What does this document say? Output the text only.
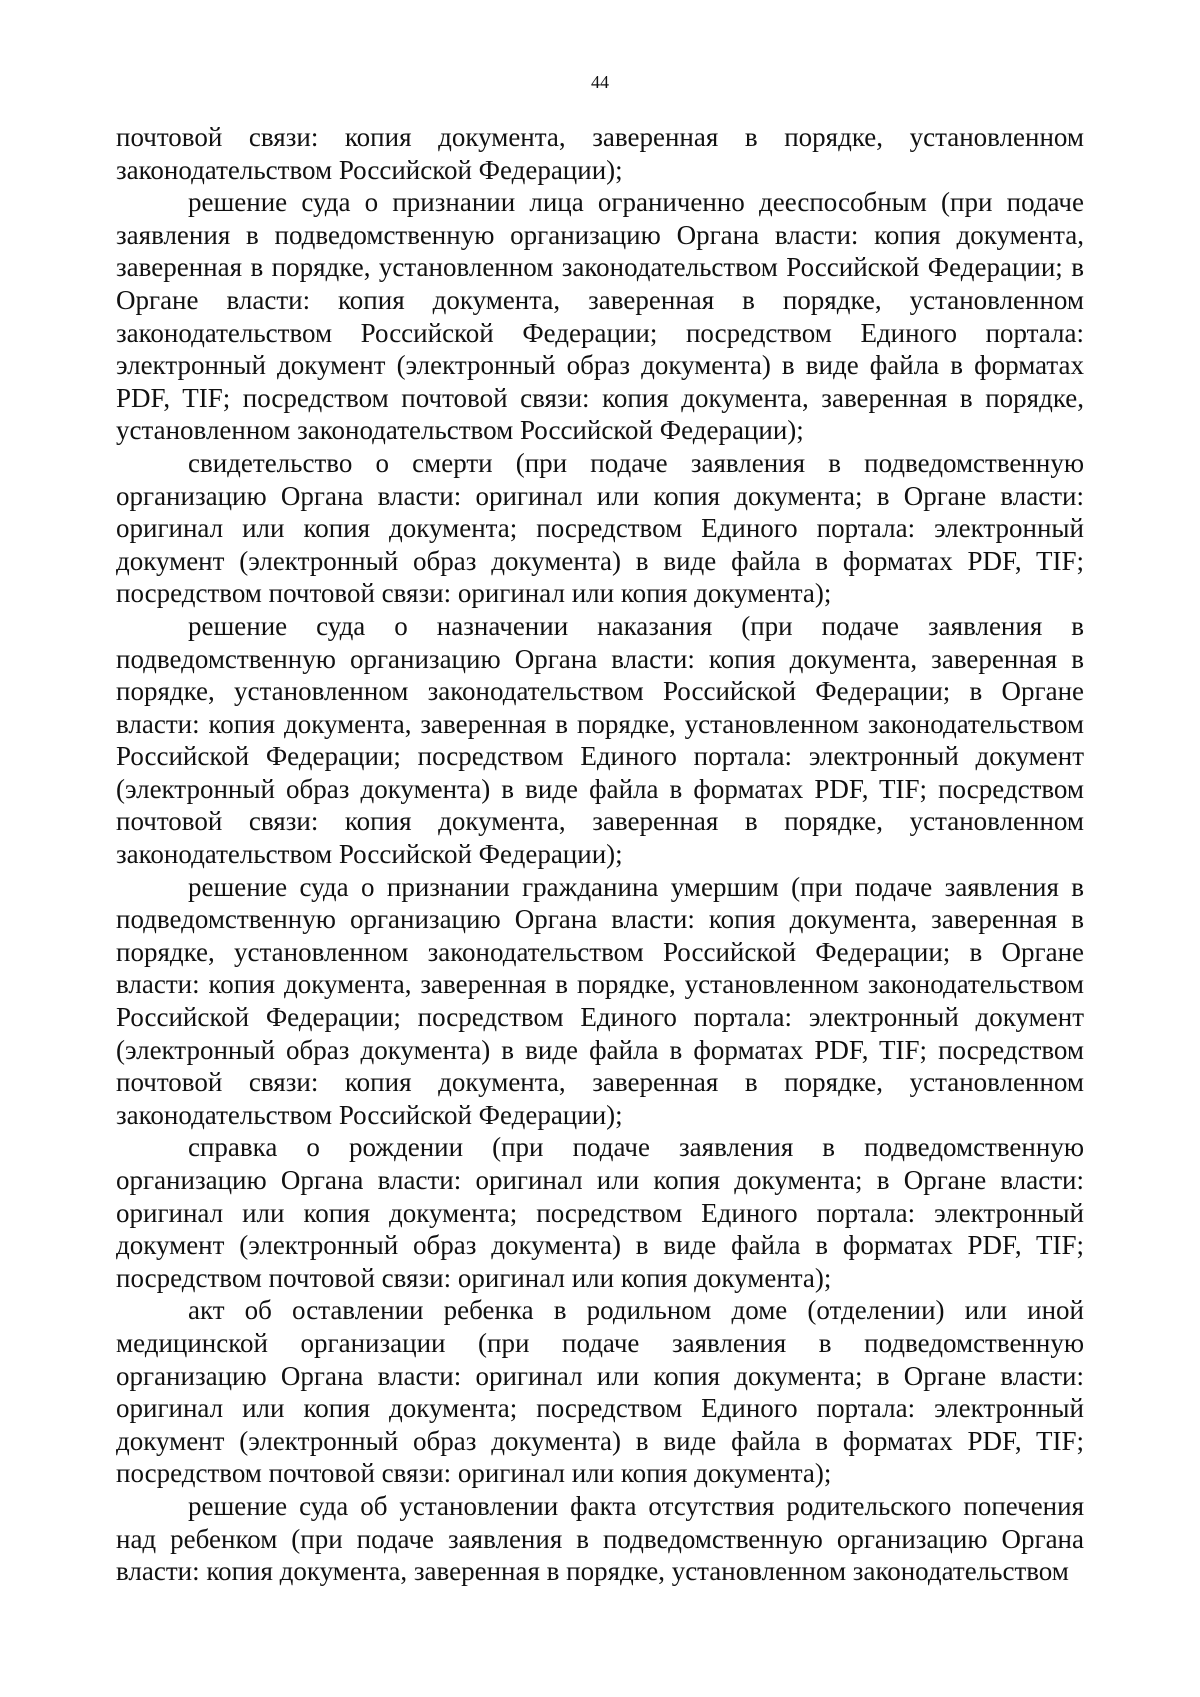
44

почтовой связи: копия документа, заверенная в порядке, установленном законодательством Российской Федерации);

решение суда о признании лица ограниченно дееспособным (при подаче заявления в подведомственную организацию Органа власти: копия документа, заверенная в порядке, установленном законодательством Российской Федерации; в Органе власти: копия документа, заверенная в порядке, установленном законодательством Российской Федерации; посредством Единого портала: электронный документ (электронный образ документа) в виде файла в форматах PDF, TIF; посредством почтовой связи: копия документа, заверенная в порядке, установленном законодательством Российской Федерации);

свидетельство о смерти (при подаче заявления в подведомственную организацию Органа власти: оригинал или копия документа; в Органе власти: оригинал или копия документа; посредством Единого портала: электронный документ (электронный образ документа) в виде файла в форматах PDF, TIF; посредством почтовой связи: оригинал или копия документа);

решение суда о назначении наказания (при подаче заявления в подведомственную организацию Органа власти: копия документа, заверенная в порядке, установленном законодательством Российской Федерации; в Органе власти: копия документа, заверенная в порядке, установленном законодательством Российской Федерации; посредством Единого портала: электронный документ (электронный образ документа) в виде файла в форматах PDF, TIF; посредством почтовой связи: копия документа, заверенная в порядке, установленном законодательством Российской Федерации);

решение суда о признании гражданина умершим (при подаче заявления в подведомственную организацию Органа власти: копия документа, заверенная в порядке, установленном законодательством Российской Федерации; в Органе власти: копия документа, заверенная в порядке, установленном законодательством Российской Федерации; посредством Единого портала: электронный документ (электронный образ документа) в виде файла в форматах PDF, TIF; посредством почтовой связи: копия документа, заверенная в порядке, установленном законодательством Российской Федерации);

справка о рождении (при подаче заявления в подведомственную организацию Органа власти: оригинал или копия документа; в Органе власти: оригинал или копия документа; посредством Единого портала: электронный документ (электронный образ документа) в виде файла в форматах PDF, TIF; посредством почтовой связи: оригинал или копия документа);

акт об оставлении ребенка в родильном доме (отделении) или иной медицинской организации (при подаче заявления в подведомственную организацию Органа власти: оригинал или копия документа; в Органе власти: оригинал или копия документа; посредством Единого портала: электронный документ (электронный образ документа) в виде файла в форматах PDF, TIF; посредством почтовой связи: оригинал или копия документа);

решение суда об установлении факта отсутствия родительского попечения над ребенком (при подаче заявления в подведомственную организацию Органа власти: копия документа, заверенная в порядке, установленном законодательством
